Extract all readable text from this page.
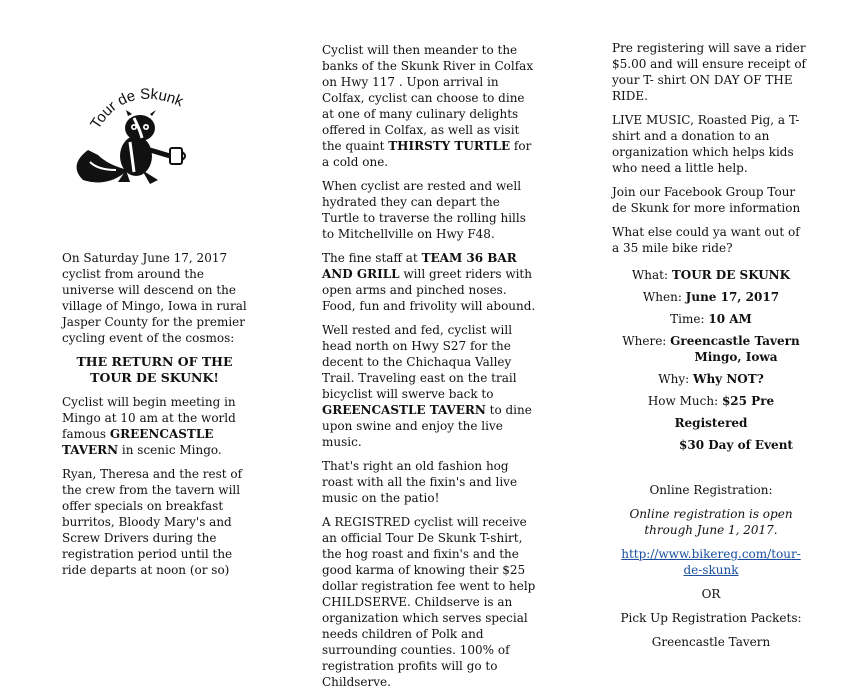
Tour de Skunk

On Saturday June 17, 2017 cyclist from around the universe will descend on the village of Mingo, Iowa in rural Jasper County for the premier cycling event of the cosmos:

THE RETURN OF THE TOUR DE SKUNK!

Cyclist will begin meeting in Mingo at 10 am at the world famous GREENCASTLE TAVERN in scenic Mingo.

Ryan, Theresa and the rest of the crew from the tavern will offer specials on breakfast burritos, Bloody Mary's and Screw Drivers during the registration period until the ride departs at noon (or so)

Cyclist will then meander to the banks of the Skunk River in Colfax on Hwy 117 . Upon arrival in Colfax, cyclist can choose to dine at one of many culinary delights offered in Colfax, as well as visit the quaint THIRSTY TURTLE for a cold one.

When cyclist are rested and well hydrated they can depart the Turtle to traverse the rolling hills to Mitchellville on Hwy F48.

The fine staff at TEAM 36 BAR AND GRILL will greet riders with open arms and pinched noses. Food, fun and frivolity will abound.

Well rested and fed, cyclist will head north on Hwy S27 for the decent to the Chichaqua Valley Trail. Traveling east on the trail bicyclist will swerve back to GREENCASTLE TAVERN to dine upon swine and enjoy the live music.

That's right an old fashion hog roast with all the fixin's and live music on the patio!

A REGISTRED cyclist will receive an official Tour De Skunk T-shirt, the hog roast and fixin's and the good karma of knowing their $25 dollar registration fee went to help CHILDSERVE. Childserve is an organization which serves special needs children of Polk and surrounding counties. 100% of registration profits will go to Childserve.

Pre registering will save a rider $5.00 and will ensure receipt of your T- shirt ON DAY OF THE RIDE.

LIVE MUSIC, Roasted Pig, a T-shirt and a donation to an organization which helps kids who need a little help.

Join our Facebook Group Tour de Skunk for more information

What else could ya want out of a 35 mile bike ride?

What: TOUR DE SKUNK
When: June 17, 2017
Time: 10 AM
Where: Greencastle Tavern
Mingo, Iowa
Why: Why NOT?
How Much: $25 Pre Registered
$30 Day of Event
Online Registration:
Online registration is open through June 1, 2017.
http://www.bikereg.com/tour-de-skunk
OR
Pick Up Registration Packets:
Greencastle Tavern
